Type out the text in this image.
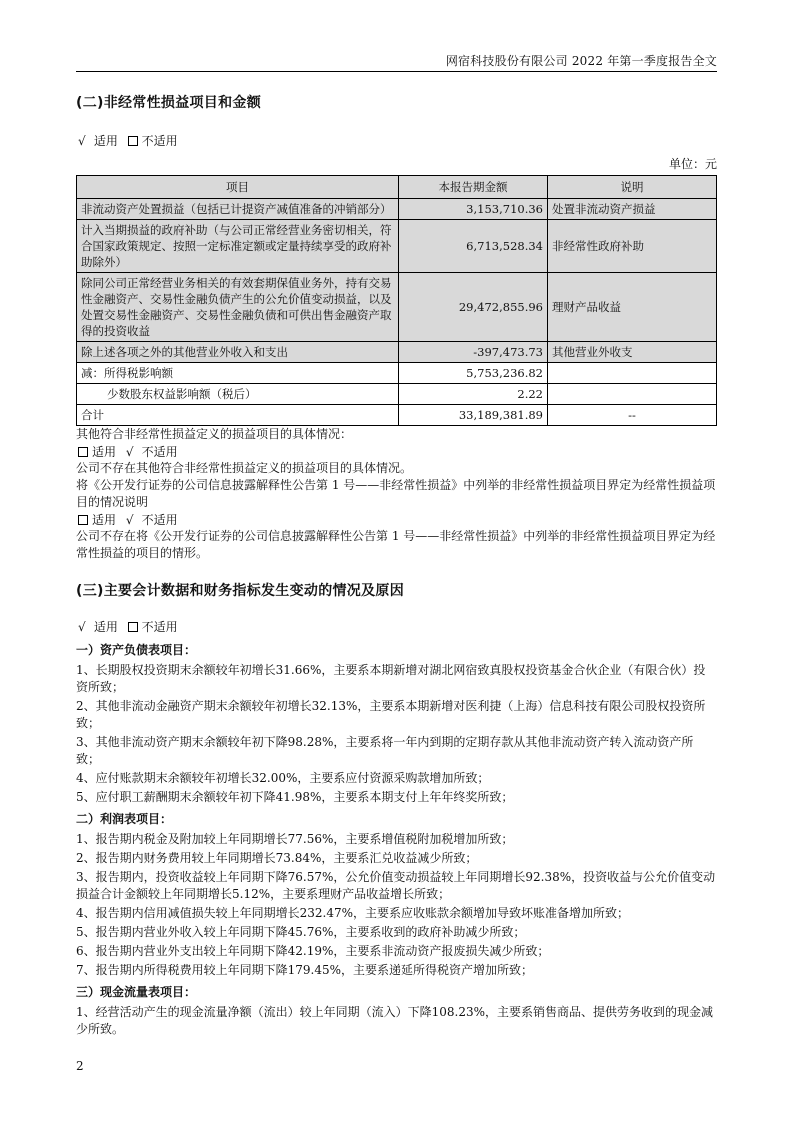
网宿科技股份有限公司 2022 年第一季度报告全文
(二)非经常性损益项目和金额
√ 适用 不适用
单位：元
项目	本报告期金额	说明
非流动资产处置损益（包括已计提资产减值准备的冲销部分）	3,153,710.36	处置非流动资产损益
计入当期损益的政府补助（与公司正常经营业务密切相关，符合国家政策规定、按照一定标准定额或定量持续享受的政府补助除外）	6,713,528.34	非经常性政府补助
除同公司正常经营业务相关的有效套期保值业务外，持有交易性金融资产、交易性金融负债产生的公允价值变动损益，以及处置交易性金融资产、交易性金融负债和可供出售金融资产取得的投资收益	29,472,855.96	理财产品收益
除上述各项之外的其他营业外收入和支出	-397,473.73	其他营业外收支
减：所得税影响额	5,753,236.82	
少数股东权益影响额（税后）	2.22	
合计	33,189,381.89	--

其他符合非经常性损益定义的损益项目的具体情况：

适用 √ 不适用

公司不存在其他符合非经常性损益定义的损益项目的具体情况。

将《公开发行证券的公司信息披露解释性公告第 1 号——非经常性损益》中列举的非经常性损益项目界定为经常性损益项目的情况说明

适用 √ 不适用

公司不存在将《公开发行证券的公司信息披露解释性公告第 1 号——非经常性损益》中列举的非经常性损益项目界定为经常性损益的项目的情形。

(三)主要会计数据和财务指标发生变动的情况及原因
√ 适用 不适用
一）资产负债表项目：

1、长期股权投资期末余额较年初增长31.66%，主要系本期新增对湖北网宿致真股权投资基金合伙企业（有限合伙）投资所致；

2、其他非流动金融资产期末余额较年初增长32.13%，主要系本期新增对医利捷（上海）信息科技有限公司股权投资所致；

3、其他非流动资产期末余额较年初下降98.28%，主要系将一年内到期的定期存款从其他非流动资产转入流动资产所致；

4、应付账款期末余额较年初增长32.00%，主要系应付资源采购款增加所致；

5、应付职工薪酬期末余额较年初下降41.98%，主要系本期支付上年年终奖所致；

二）利润表项目：

1、报告期内税金及附加较上年同期增长77.56%，主要系增值税附加税增加所致；

2、报告期内财务费用较上年同期增长73.84%，主要系汇兑收益减少所致；

3、报告期内，投资收益较上年同期下降76.57%，公允价值变动损益较上年同期增长92.38%，投资收益与公允价值变动损益合计金额较上年同期增长5.12%，主要系理财产品收益增长所致；

4、报告期内信用减值损失较上年同期增长232.47%，主要系应收账款余额增加导致坏账准备增加所致；

5、报告期内营业外收入较上年同期下降45.76%，主要系收到的政府补助减少所致；

6、报告期内营业外支出较上年同期下降42.19%，主要系非流动资产报废损失减少所致；

7、报告期内所得税费用较上年同期下降179.45%，主要系递延所得税资产增加所致；

三）现金流量表项目：

1、经营活动产生的现金流量净额（流出）较上年同期（流入）下降108.23%，主要系销售商品、提供劳务收到的现金减少所致。

2
